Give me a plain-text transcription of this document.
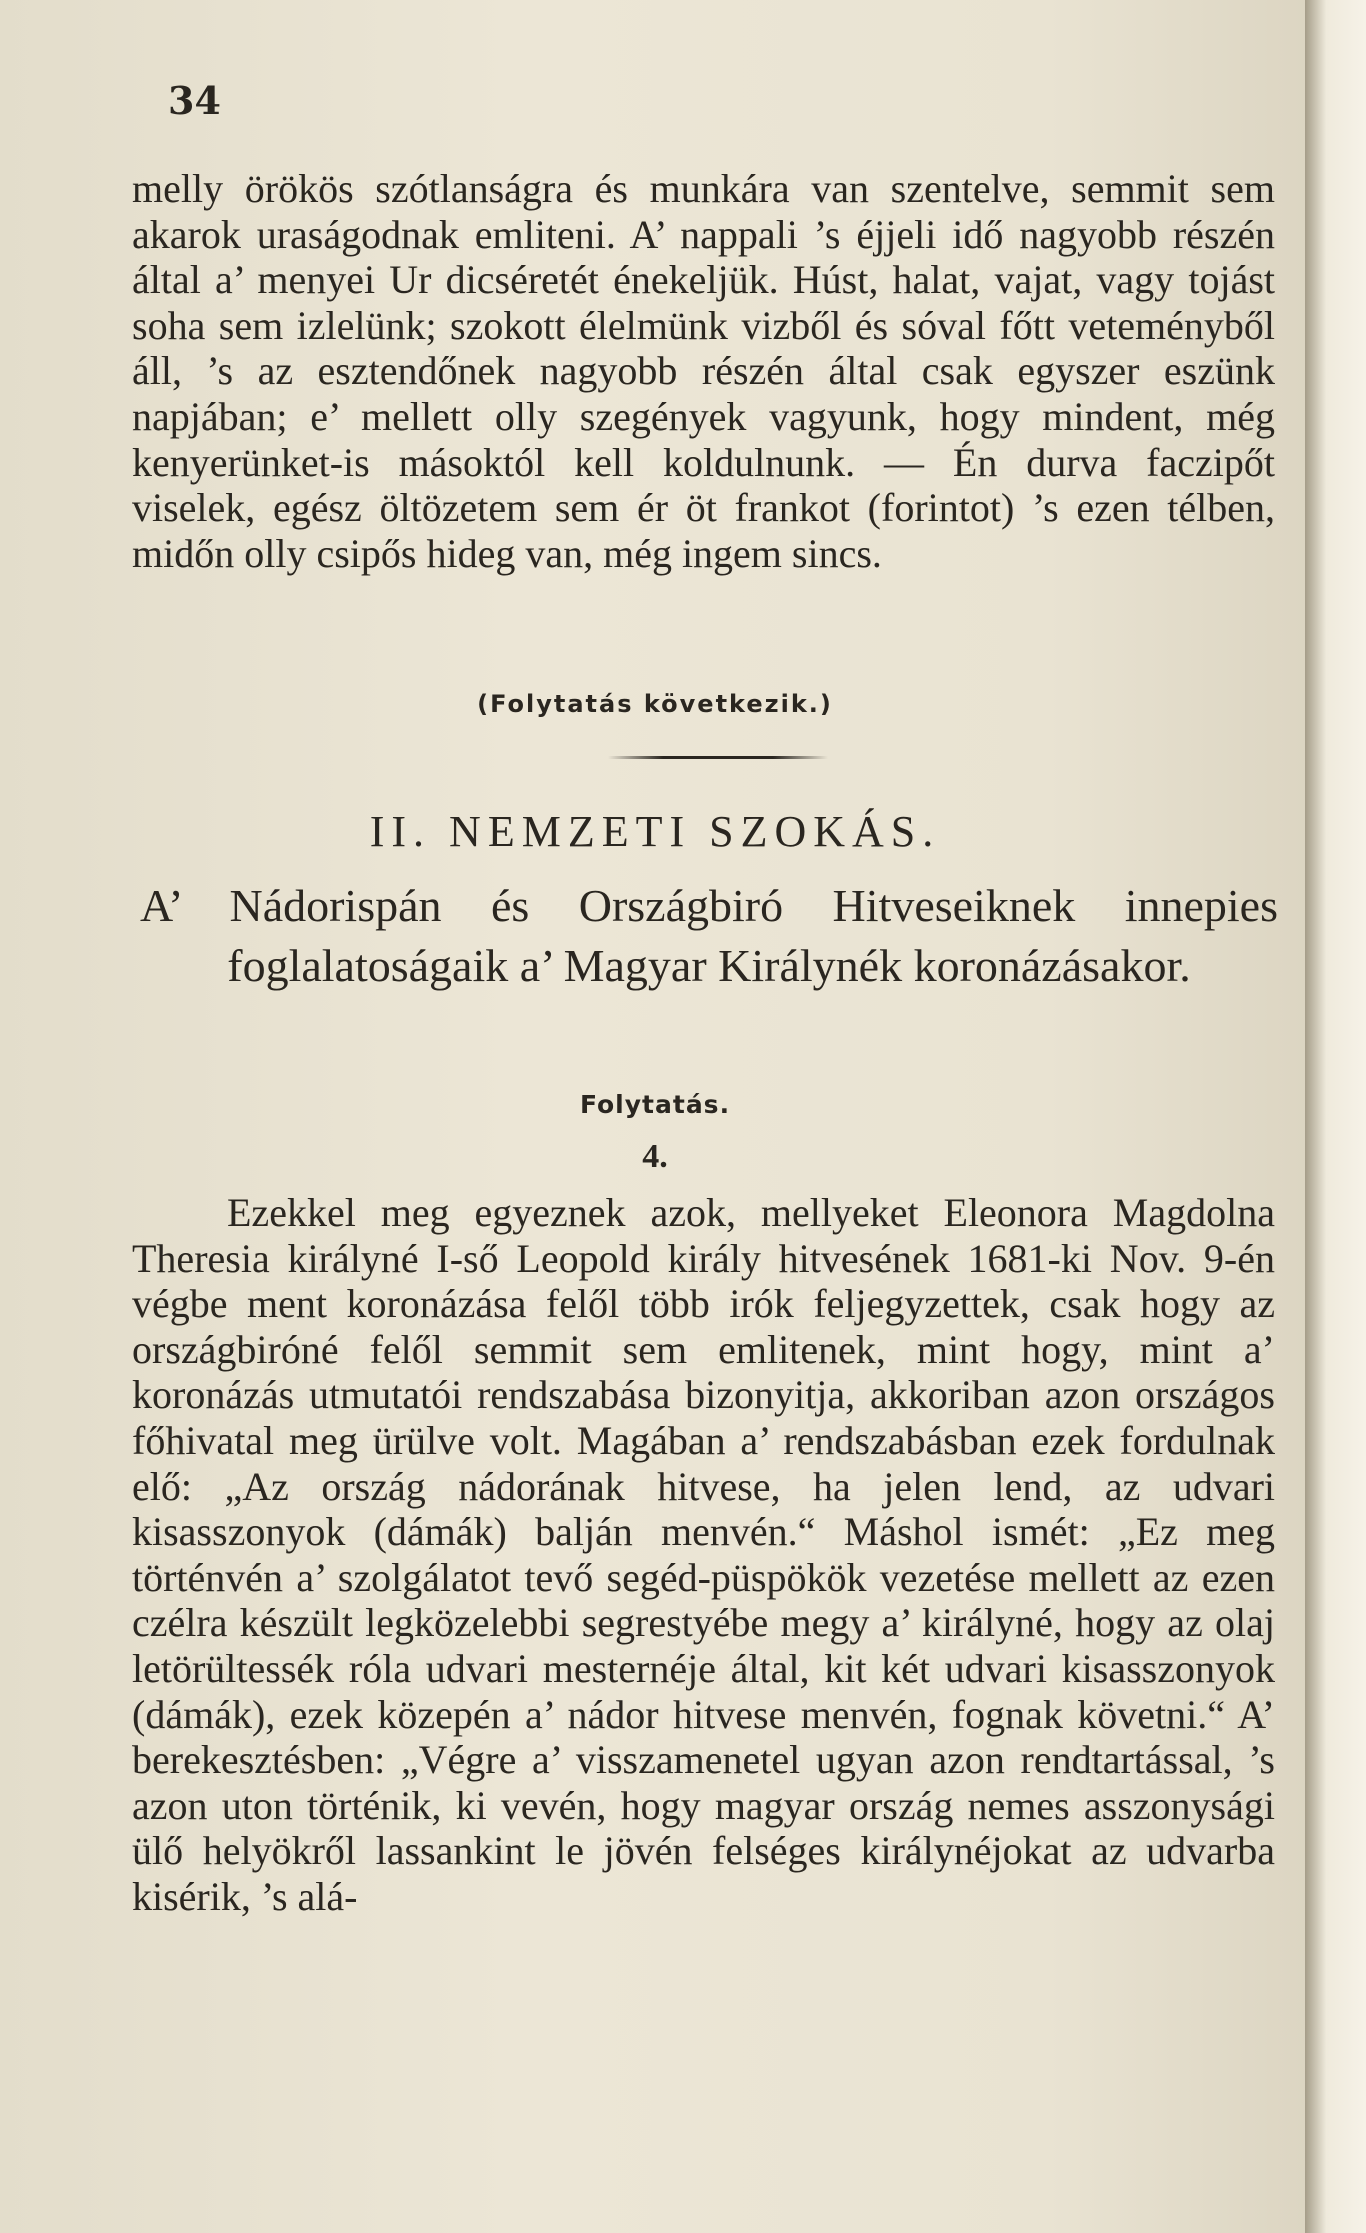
34

melly örökös szótlanságra és munkára van szentelve, semmit sem akarok uraságodnak emliteni. A’ nappali ’s éjjeli idő nagyobb részén által a’ menyei Ur dicséretét énekeljük. Húst, halat, vajat, vagy tojást soha sem izlelünk; szokott élelmünk vizből és sóval főtt veteményből áll, ’s az esztendőnek nagyobb részén által csak egyszer eszünk napjában; e’ mellett olly szegények vagyunk, hogy mindent, még kenyerünket-is másoktól kell koldulnunk. — Én durva faczipőt viselek, egész öltözetem sem ér öt frankot (forintot) ’s ezen télben, midőn olly csipős hideg van, még ingem sincs.

(Folytatás következik.)
II. NEMZETI SZOKÁS.
A’ Nádorispán és Országbiró Hitveseiknek innepies foglalatoságaik a’ Magyar Királynék koronázásakor.
Folytatás.
4.

Ezekkel meg egyeznek azok, mellyeket Eleonora Magdolna Theresia királyné I-ső Leopold király hitvesének 1681-ki Nov. 9-én végbe ment koronázása felől több irók feljegyzettek, csak hogy az országbiróné felől semmit sem emlitenek, mint hogy, mint a’ koronázás utmutatói rendszabása bizonyitja, akkoriban azon országos főhivatal meg ürülve volt. Magában a’ rendszabásban ezek fordulnak elő: „Az ország nádorának hitvese, ha jelen lend, az udvari kisasszonyok (dámák) balján menvén.“ Máshol ismét: „Ez meg történvén a’ szolgálatot tevő segéd-püspökök vezetése mellett az ezen czélra készült legközelebbi segrestyébe megy a’ királyné, hogy az olaj letörültessék róla udvari mesternéje által, kit két udvari kisasszonyok (dámák), ezek közepén a’ nádor hitvese menvén, fognak követni.“ A’ berekesztésben: „Végre a’ visszamenetel ugyan azon rendtartással, ’s azon uton történik, ki vevén, hogy magyar ország nemes asszonysági ülő helyökről lassankint le jövén felséges királynéjokat az udvarba kisérik, ’s alá-
